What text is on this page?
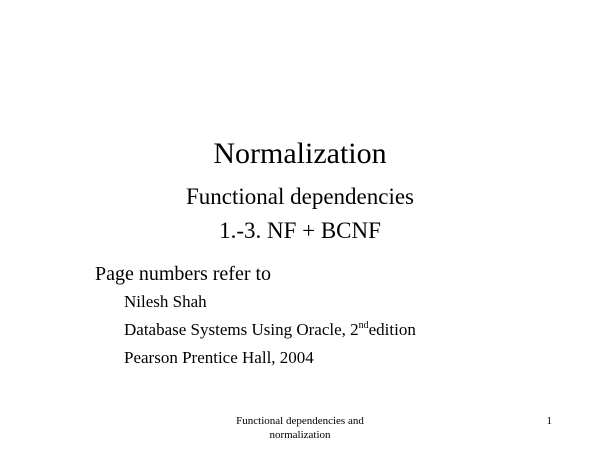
Normalization
Functional dependencies
1.-3. NF + BCNF

Page numbers refer to

Nilesh Shah
Database Systems Using Oracle, 2ndedition
Pearson Prentice Hall, 2004
Functional dependencies and
normalization
1
